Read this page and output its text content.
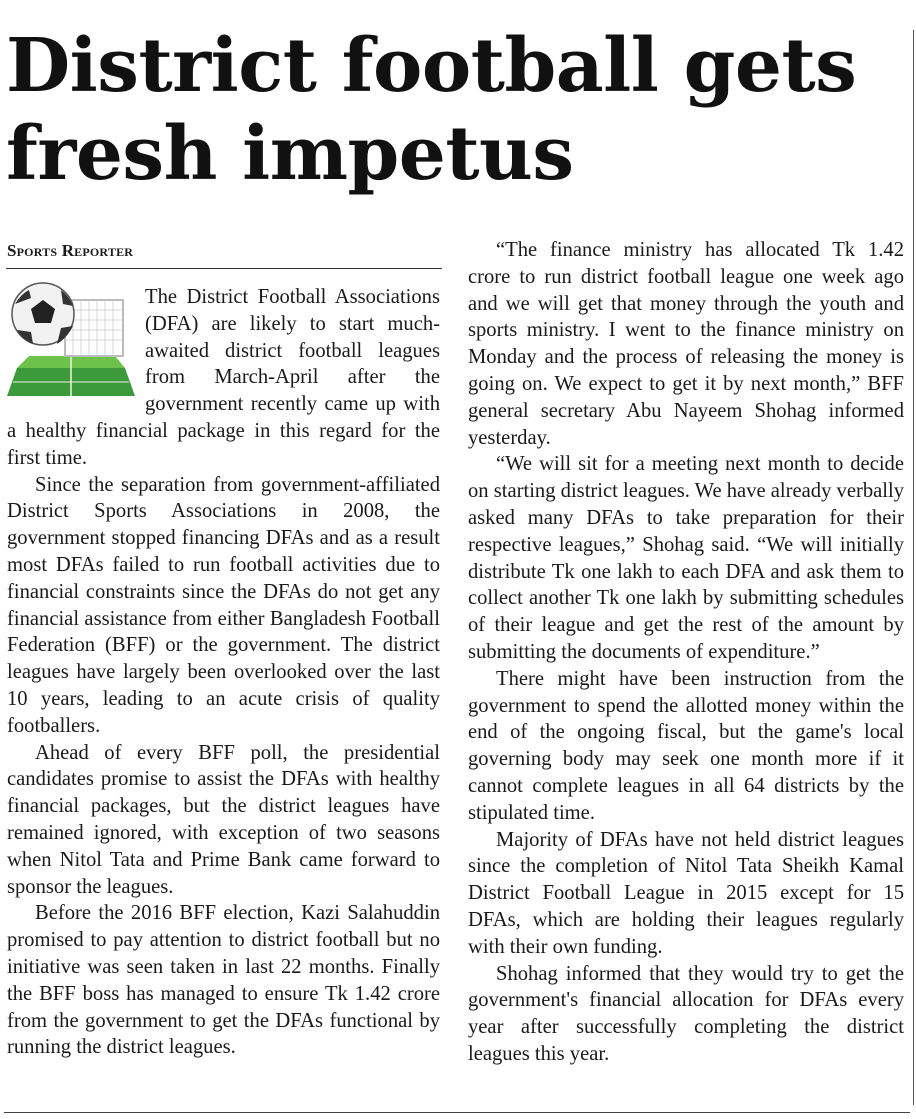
District football gets fresh impetus
Sports Reporter

The District Football Associations (DFA) are likely to start much-awaited district football leagues from March-April after the government recently came up with a healthy financial package in this regard for the first time.

Since the separation from government-affiliated District Sports Associations in 2008, the government stopped financing DFAs and as a result most DFAs failed to run football activities due to financial constraints since the DFAs do not get any financial assistance from either Bangladesh Football Federation (BFF) or the government. The district leagues have largely been overlooked over the last 10 years, leading to an acute crisis of quality footballers.

Ahead of every BFF poll, the presidential candidates promise to assist the DFAs with healthy financial packages, but the district leagues have remained ignored, with exception of two seasons when Nitol Tata and Prime Bank came forward to sponsor the leagues.

Before the 2016 BFF election, Kazi Salahuddin promised to pay attention to district football but no initiative was seen taken in last 22 months. Finally the BFF boss has managed to ensure Tk 1.42 crore from the government to get the DFAs functional by running the district leagues.

“The finance ministry has allocated Tk 1.42 crore to run district football league one week ago and we will get that money through the youth and sports ministry. I went to the finance ministry on Monday and the process of releasing the money is going on. We expect to get it by next month,” BFF general secretary Abu Nayeem Shohag informed yesterday.

“We will sit for a meeting next month to decide on starting district leagues. We have already verbally asked many DFAs to take preparation for their respective leagues,” Shohag said. “We will initially distribute Tk one lakh to each DFA and ask them to collect another Tk one lakh by submitting schedules of their league and get the rest of the amount by submitting the documents of expenditure.”

There might have been instruction from the government to spend the allotted money within the end of the ongoing fiscal, but the game's local governing body may seek one month more if it cannot complete leagues in all 64 districts by the stipulated time.

Majority of DFAs have not held district leagues since the completion of Nitol Tata Sheikh Kamal District Football League in 2015 except for 15 DFAs, which are holding their leagues regularly with their own funding.

Shohag informed that they would try to get the government's financial allocation for DFAs every year after successfully completing the district leagues this year.
